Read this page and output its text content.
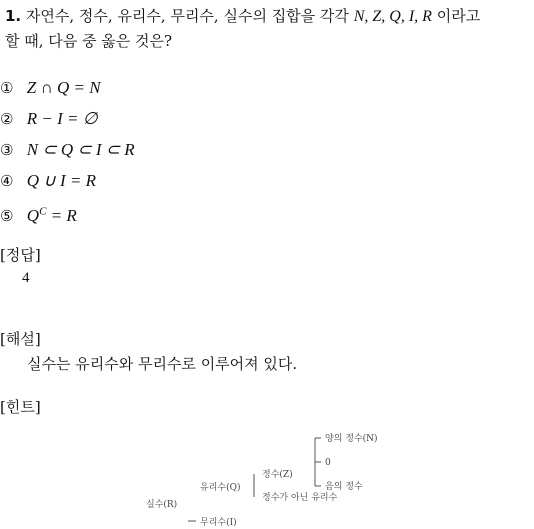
1. 자연수, 정수, 유리수, 무리수, 실수의 집합을 각각 N, Z, Q, I, R 이라고
할 때, 다음 중 옳은 것은?
① Z ∩ Q = N
② R − I = ∅
③ N ⊂ Q ⊂ I ⊂ R
④ Q ∪ I = R
⑤ $Q^C = R$
[정답]
4
[해설]
실수는 유리수와 무리수로 이루어져 있다.
[힌트]
양의 정수(N)
0
음의 정수
정수(Z)
정수가 아닌 유리수
유리수(Q)
실수(R)
무리수(I)
